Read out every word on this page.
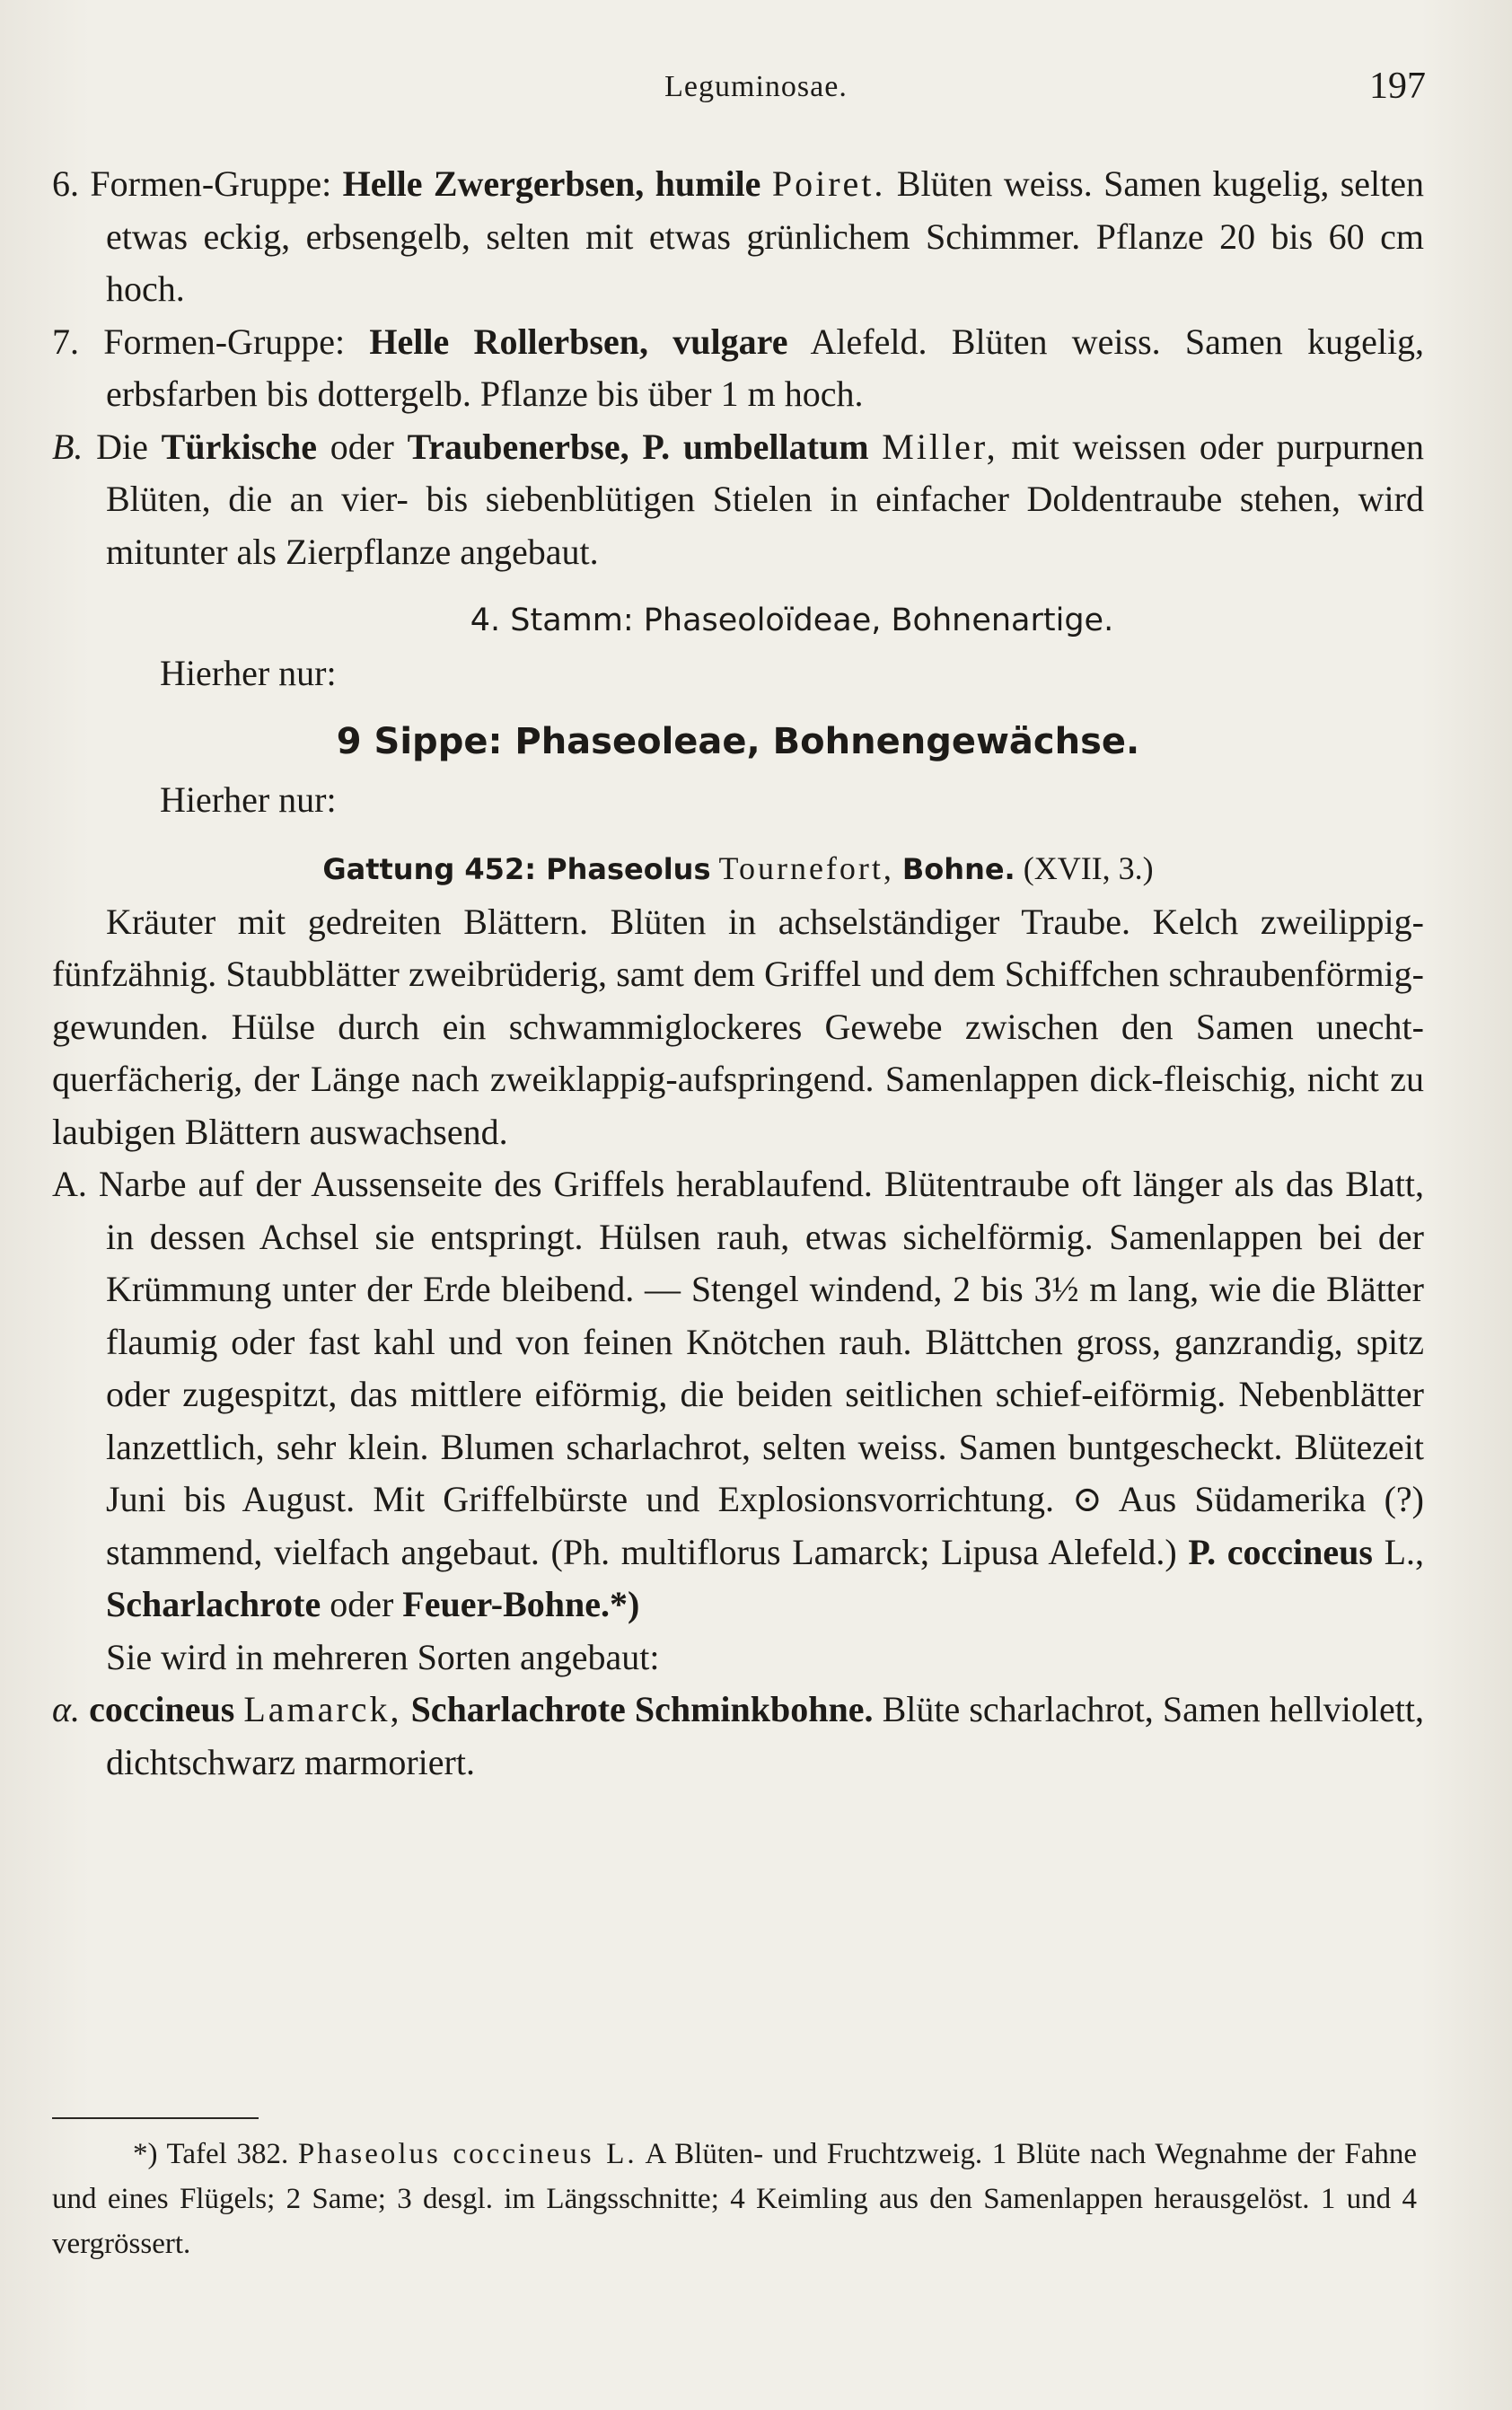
Leguminosae.	197

6. Formen-Gruppe: Helle Zwergerbsen, humile Poiret. Blüten weiss. Samen kugelig, selten etwas eckig, erbsengelb, selten mit etwas grünlichem Schimmer. Pflanze 20 bis 60 cm hoch.

7. Formen-Gruppe: Helle Rollerbsen, vulgare Alefeld. Blüten weiss. Samen kugelig, erbsfarben bis dottergelb. Pflanze bis über 1 m hoch.

B. Die Türkische oder Traubenerbse, P. umbellatum Miller, mit weissen oder purpurnen Blüten, die an vier- bis siebenblütigen Stielen in einfacher Doldentraube stehen, wird mitunter als Zierpflanze angebaut.

4. Stamm: Phaseoloïdeae, Bohnenartige.

Hierher nur:

9 Sippe: Phaseoleae, Bohnengewächse.

Hierher nur:

Gattung 452: Phaseolus Tournefort, Bohne. (XVII, 3.)

Kräuter mit gedreiten Blättern. Blüten in achselständiger Traube. Kelch zweilippig-fünfzähnig. Staubblätter zweibrüderig, samt dem Griffel und dem Schiffchen schraubenförmig-gewunden. Hülse durch ein schwammiglockeres Gewebe zwischen den Samen unecht-querfächerig, der Länge nach zweiklappig-aufspringend. Samenlappen dick-fleischig, nicht zu laubigen Blättern auswachsend.

A. Narbe auf der Aussenseite des Griffels herablaufend. Blütentraube oft länger als das Blatt, in dessen Achsel sie entspringt. Hülsen rauh, etwas sichelförmig. Samenlappen bei der Krümmung unter der Erde bleibend. — Stengel windend, 2 bis 3½ m lang, wie die Blätter flaumig oder fast kahl und von feinen Knötchen rauh. Blättchen gross, ganzrandig, spitz oder zugespitzt, das mittlere eiförmig, die beiden seitlichen schief-eiförmig. Nebenblätter lanzettlich, sehr klein. Blumen scharlachrot, selten weiss. Samen buntgescheckt. Blütezeit Juni bis August. Mit Griffelbürste und Explosionsvorrichtung. ⊙ Aus Südamerika (?) stammend, vielfach angebaut. (Ph. multiflorus Lamarck; Lipusa Alefeld.) P. coccineus L., Scharlachrote oder Feuer-Bohne.*)

Sie wird in mehreren Sorten angebaut:

α. coccineus Lamarck, Scharlachrote Schminkbohne. Blüte scharlachrot, Samen hellviolett, dichtschwarz marmoriert.

*) Tafel 382. Phaseolus coccineus L. A Blüten- und Fruchtzweig. 1 Blüte nach Wegnahme der Fahne und eines Flügels; 2 Same; 3 desgl. im Längsschnitte; 4 Keimling aus den Samenlappen herausgelöst. 1 und 4 vergrössert.
